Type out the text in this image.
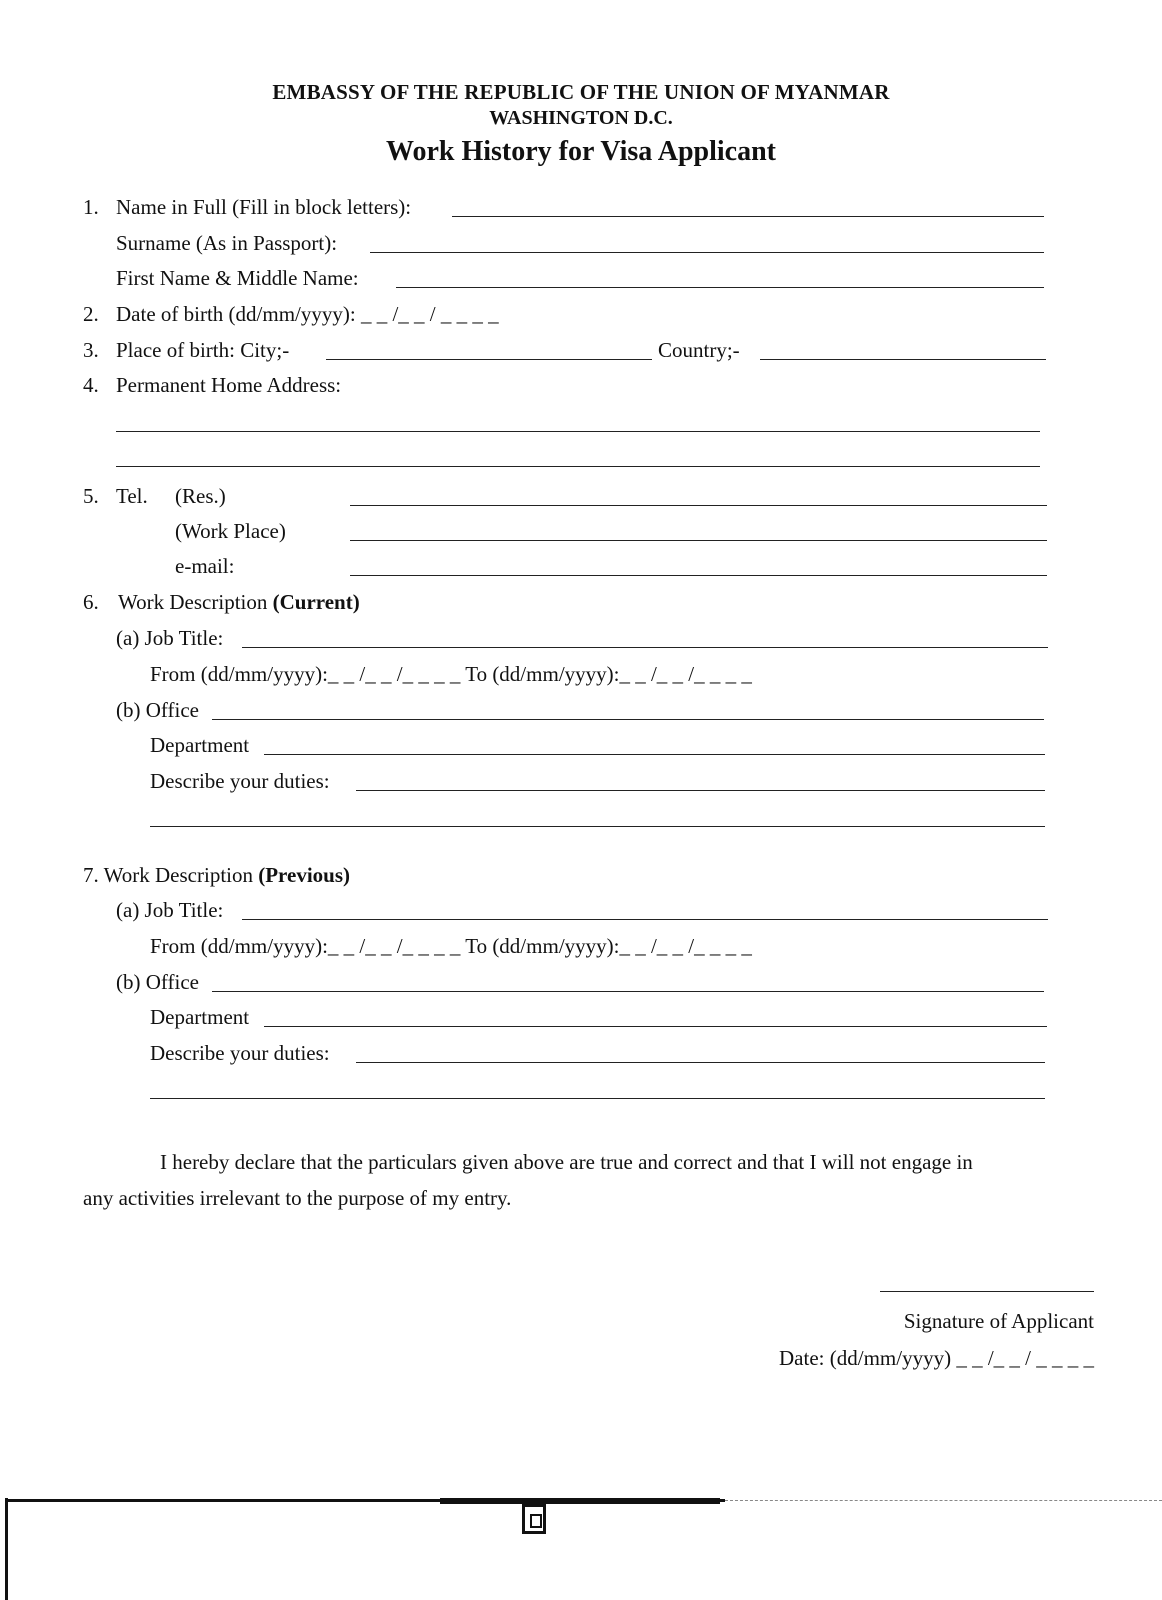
EMBASSY OF THE REPUBLIC OF THE UNION OF MYANMAR
WASHINGTON D.C.
Work History for Visa Applicant
1. Name in Full (Fill in block letters):
Surname (As in Passport):
First Name & Middle Name:
2. Date of birth (dd/mm/yyyy): _ _ /_ _ / _ _ _ _
3. Place of birth: City;-	Country;-
4. Permanent Home Address:
5. Tel. (Res.)
(Work Place)
e-mail:
6. Work Description (Current)
(a) Job Title:
From (dd/mm/yyyy):_ _ /_ _ /_ _ _ _ To (dd/mm/yyyy):_ _ /_ _ /_ _ _ _
(b) Office
Department
Describe your duties:
7. Work Description (Previous)
(a) Job Title:
From (dd/mm/yyyy):_ _ /_ _ /_ _ _ _ To (dd/mm/yyyy):_ _ /_ _ /_ _ _ _
(b) Office
Department
Describe your duties:
I hereby declare that the particulars given above are true and correct and that I will not engage in
any activities irrelevant to the purpose of my entry.
Signature of Applicant
Date: (dd/mm/yyyy) _ _ /_ _ / _ _ _ _
